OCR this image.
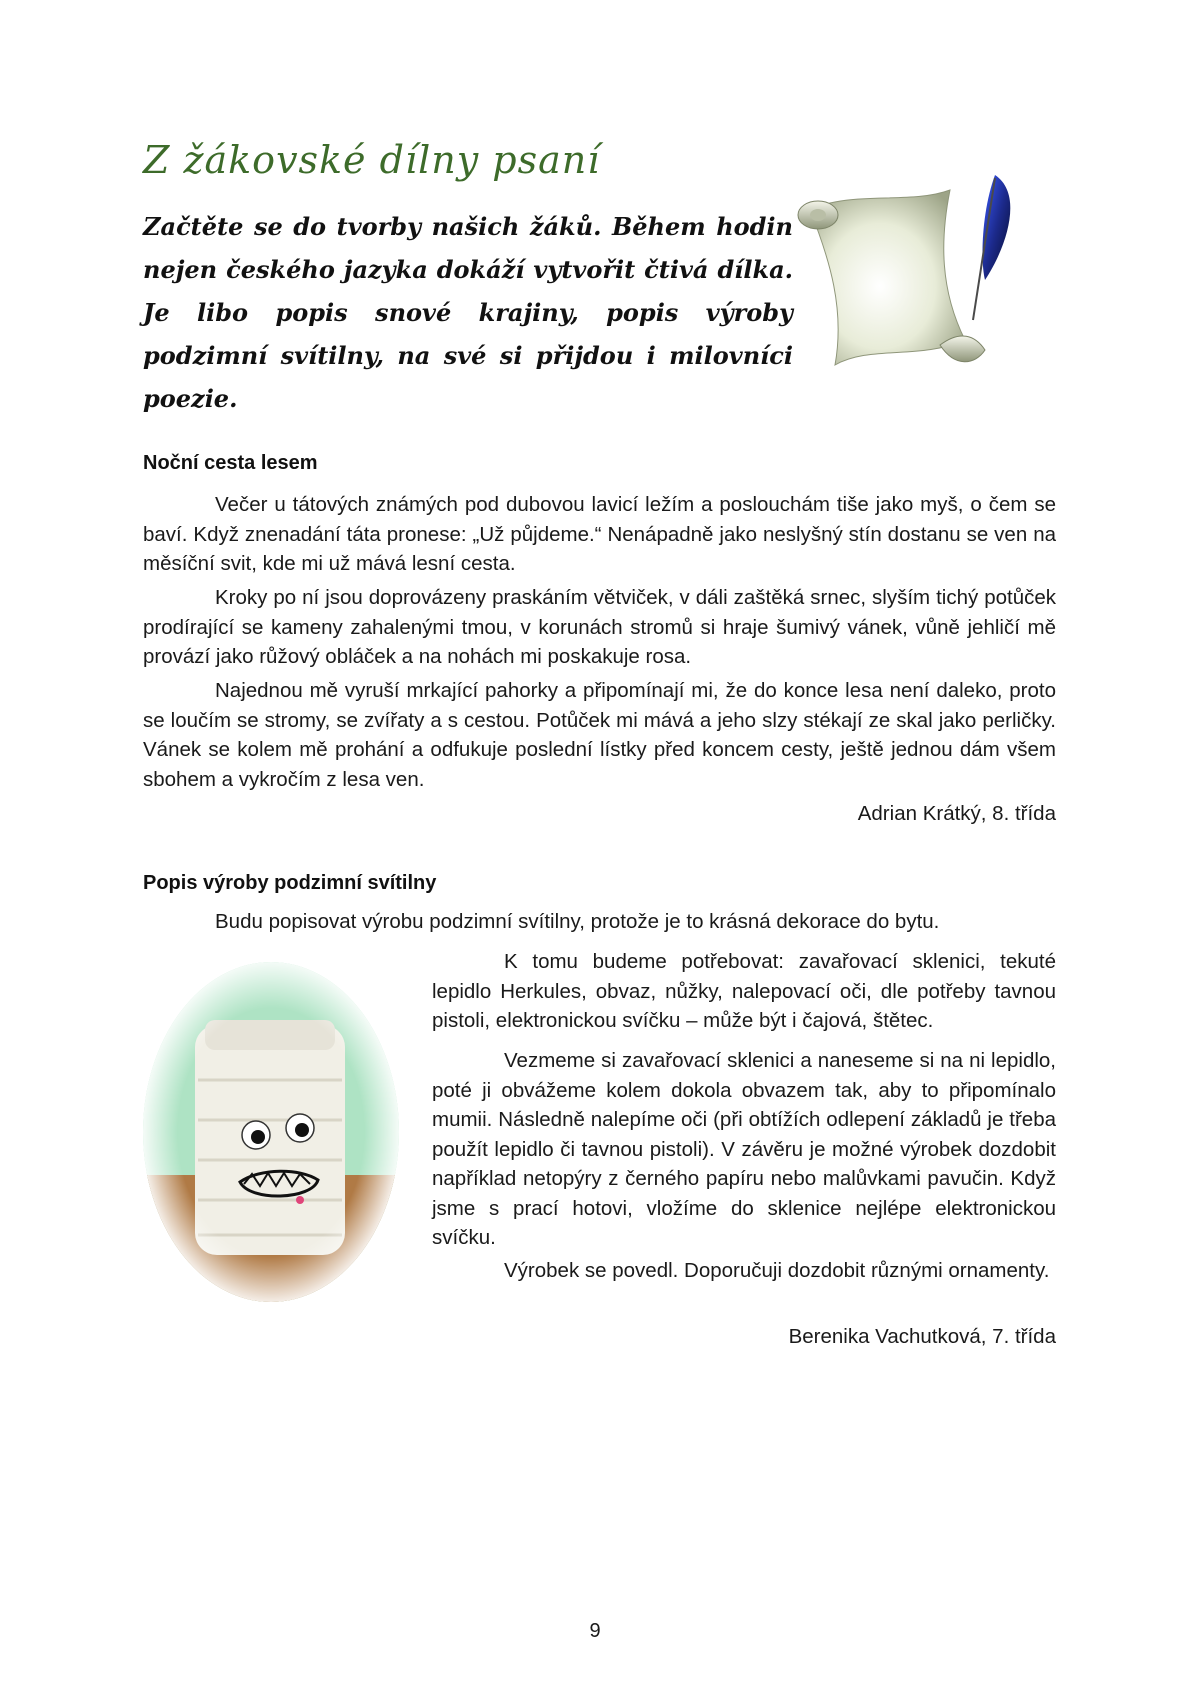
Z žákovské dílny psaní

Začtěte se do tvorby našich žáků. Během hodin nejen českého jazyka dokáží vytvořit čtivá dílka. Je libo popis snové krajiny, popis výroby podzimní svítilny, na své si přijdou i milovníci poezie.

Noční cesta lesem

Večer u tátových známých pod dubovou lavicí ležím a poslouchám tiše jako myš, o čem se baví. Když znenadání táta pronese: „Už půjdeme.“ Nenápadně jako neslyšný stín dostanu se ven na měsíční svit, kde mi už mává lesní cesta.

Kroky po ní jsou doprovázeny praskáním větviček, v dáli zaštěká srnec, slyším tichý potůček prodírající se kameny zahalenými tmou, v korunách stromů si hraje šumivý vánek, vůně jehličí mě provází jako růžový obláček a na nohách mi poskakuje rosa.

Najednou mě vyruší mrkající pahorky a připomínají mi, že do konce lesa není daleko, proto se loučím se stromy, se zvířaty a s cestou. Potůček mi mává a jeho slzy stékají ze skal jako perličky. Vánek se kolem mě prohání a odfukuje poslední lístky před koncem cesty, ještě jednou dám všem sbohem a vykročím z lesa ven.

Adrian Krátký, 8. třída

Popis výroby podzimní svítilny

Budu popisovat výrobu podzimní svítilny, protože je to krásná dekorace do bytu.

K tomu budeme potřebovat: zavařovací sklenici, tekuté lepidlo Herkules, obvaz, nůžky, nalepovací oči, dle potřeby tavnou pistoli, elektronickou svíčku – může být i čajová, štětec.

Vezmeme si zavařovací sklenici a naneseme si na ni lepidlo, poté ji obvážeme kolem dokola obvazem tak, aby to připomínalo mumii. Následně nalepíme oči (při obtížích odlepení základů je třeba použít lepidlo či tavnou pistoli). V závěru je možné výrobek dozdobit například netopýry z černého papíru nebo malůvkami pavučin. Když jsme s prací hotovi, vložíme do sklenice nejlépe elektronickou svíčku.

Výrobek se povedl. Doporučuji dozdobit různými ornamenty.

Berenika Vachutková, 7. třída

9
